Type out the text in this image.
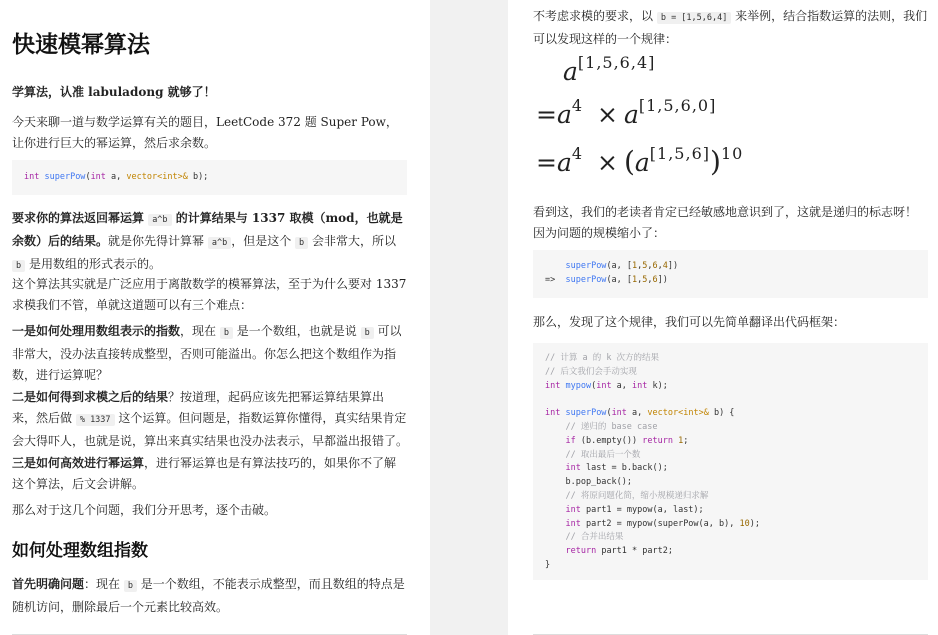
快速模幂算法

学算法，认准 labuladong 就够了！

今天来聊一道与数学运算有关的题目，LeetCode 372 题 Super Pow，让你进行巨大的幂运算，然后求余数。

int superPow(int a, vector<int>& b);

要求你的算法返回幂运算 a^b 的计算结果与 1337 取模（mod，也就是余数）后的结果。就是你先得计算幂 a^b ，但是这个 b 会非常大，所以 b 是用数组的形式表示的。

这个算法其实就是广泛应用于离散数学的模幂算法，至于为什么要对 1337 求模我们不管，单就这道题可以有三个难点：

一是如何处理用数组表示的指数，现在 b 是一个数组，也就是说 b 可以非常大，没办法直接转成整型，否则可能溢出。你怎么把这个数组作为指数，进行运算呢？

二是如何得到求模之后的结果？按道理，起码应该先把幂运算结果算出来，然后做 % 1337 这个运算。但问题是，指数运算你懂得，真实结果肯定会大得吓人，也就是说，算出来真实结果也没办法表示，早都溢出报错了。

三是如何高效进行幂运算，进行幂运算也是有算法技巧的，如果你不了解这个算法，后文会讲解。

那么对于这几个问题，我们分开思考，逐个击破。

如何处理数组指数

首先明确问题：现在 b 是一个数组，不能表示成整型，而且数组的特点是随机访问，删除最后一个元素比较高效。

不考虑求模的要求，以 b = [1,5,6,4] 来举例，结合指数运算的法则，我们可以发现这样的一个规律：

a[1,5,6,4]
$=a^4 \times a[1,5,6,0]$
$=a^4 \times (a[1,5,6])^{10}$

看到这，我们的老读者肯定已经敏感地意识到了，这就是递归的标志呀！因为问题的规模缩小了：

superPow(a, [1,5,6,4])
=>  superPow(a, [1,5,6])

那么，发现了这个规律，我们可以先简单翻译出代码框架：

// 计算 a 的 k 次方的结果
// 后文我们会手动实现
int mypow(int a, int k);

int superPow(int a, vector<int>& b) {
// 递归的 base case
if (b.empty()) return 1;
// 取出最后一个数
int last = b.back();
b.pop_back();
// 将原问题化简，缩小规模递归求解
int part1 = mypow(a, last);
int part2 = mypow(superPow(a, b), 10);
// 合并出结果
return part1 * part2;
}
